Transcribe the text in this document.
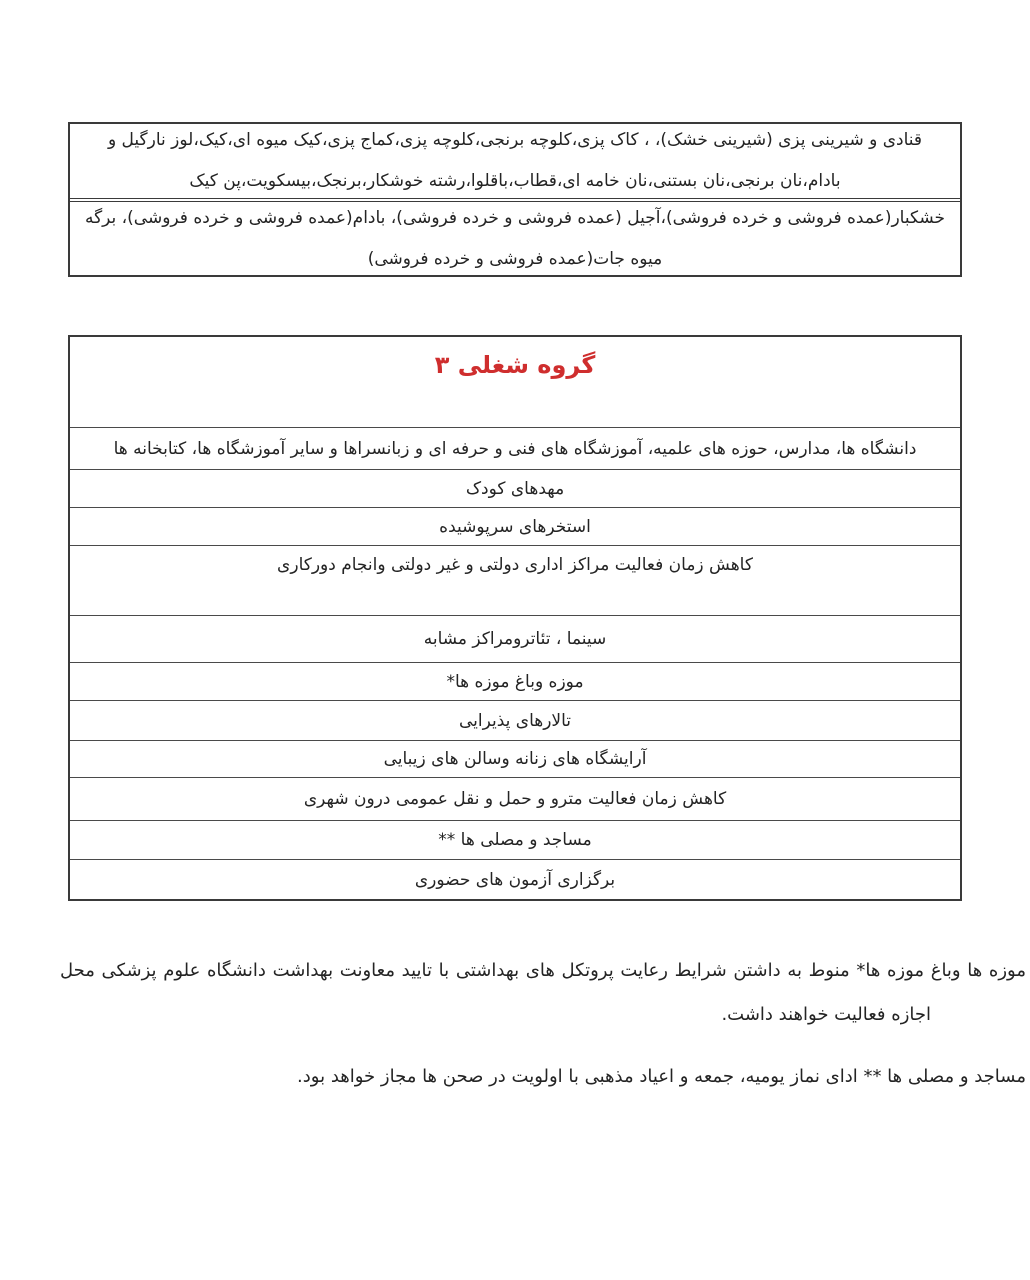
قنادی و شیرینی پزی (شیرینی خشک)، ، کاک پزی،کلوچه برنجی،کلوچه پزی،کماج پزی،کیک میوه ای،کیک،لوز نارگیل و بادام،نان برنجی،نان بستنی،نان خامه ای،قطاب،باقلوا،رشته خوشکار،برنجک،بیسکویت،پن کیک
خشکبار(عمده فروشی و خرده فروشی)،آجیل (عمده فروشی و خرده فروشی)، بادام(عمده فروشی و خرده فروشی)، برگه میوه جات(عمده فروشی و خرده فروشی)
گروه شغلی ۳
دانشگاه ها، مدارس، حوزه های علمیه، آموزشگاه های فنی و حرفه ای و زبانسراها و سایر آموزشگاه ها، کتابخانه ها
مهدهای کودک
استخرهای سرپوشیده
کاهش زمان فعالیت مراکز اداری دولتی و غیر دولتی وانجام دورکاری
سینما ، تئاترومراکز مشابه
موزه وباغ موزه ها*
تالارهای پذیرایی
آرایشگاه های زنانه وسالن های زیبایی
کاهش زمان فعالیت مترو و حمل و نقل عمومی درون شهری
مساجد و مصلی ها **
برگزاری آزمون های حضوری
موزه ها وباغ موزه ها* منوط به داشتن شرایط رعایت پروتکل های بهداشتی با تایید معاونت بهداشت دانشگاه علوم پزشکی محل
اجازه فعالیت خواهند داشت.
مساجد و مصلی ها ** ادای نماز یومیه، جمعه و اعیاد مذهبی با اولویت در صحن ها مجاز خواهد بود.
